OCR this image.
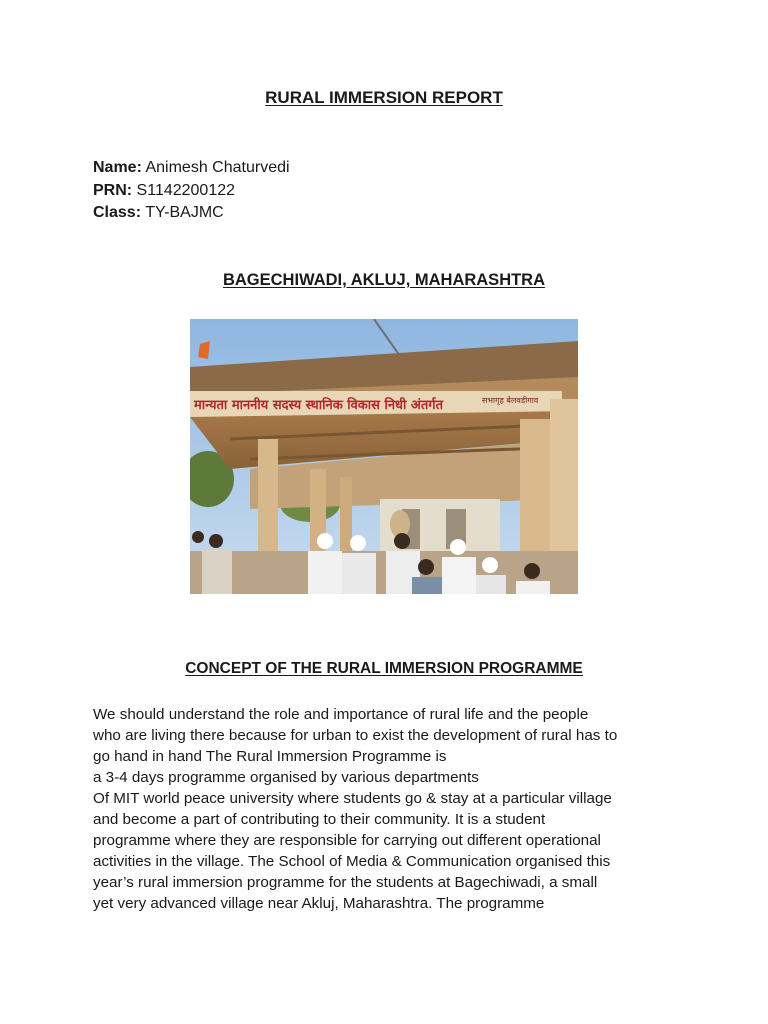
RURAL IMMERSION REPORT
Name: Animesh Chaturvedi
PRN: S1142200122
Class: TY-BAJMC
BAGECHIWADI, AKLUJ, MAHARASHTRA
मान्यता माननीय सदस्य स्थानिक विकास निधी अंतर्गत	सभागृह बेलवडीगाव
CONCEPT OF THE RURAL IMMERSION PROGRAMME
We should understand the role and importance of rural life and the people
who are living there because for urban to exist the development of rural has to
go hand in hand The Rural Immersion Programme is
a 3-4 days programme organised by various departments
Of MIT world peace university where students go & stay at a particular village
and become a part of contributing to their community. It is a student
programme where they are responsible for carrying out different operational
activities in the village. The School of Media & Communication organised this
year’s rural immersion programme for the students at Bagechiwadi, a small
yet very advanced village near Akluj, Maharashtra. The programme
